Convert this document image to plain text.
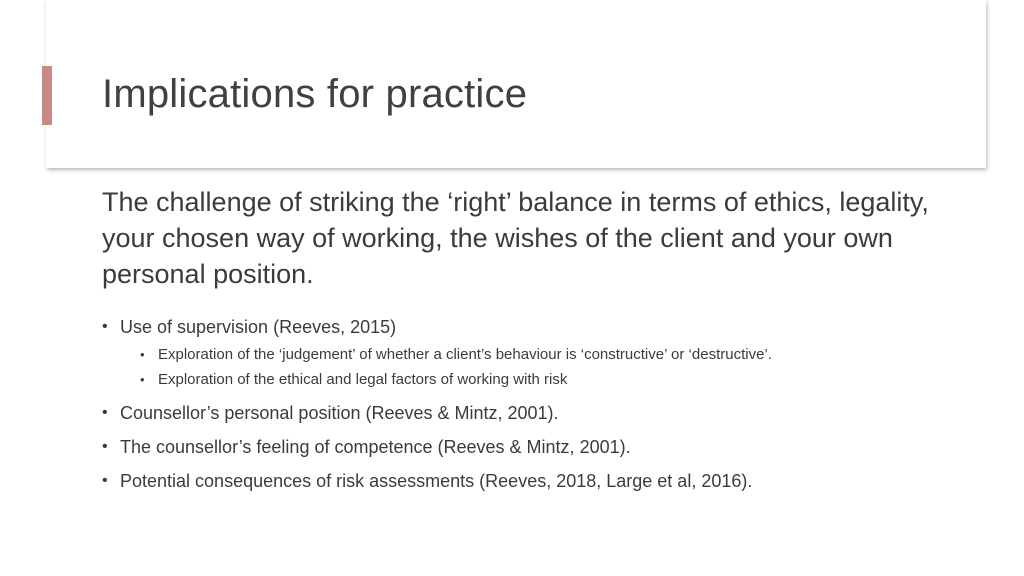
Implications for practice

The challenge of striking the ‘right’ balance in terms of ethics, legality, your chosen way of working, the wishes of the client and your own personal position.

• Use of supervision (Reeves, 2015)
• Exploration of the ‘judgement’ of whether a client’s behaviour is ‘constructive’ or ‘destructive’.
• Exploration of the ethical and legal factors of working with risk
• Counsellor’s personal position (Reeves & Mintz, 2001).
• The counsellor’s feeling of competence (Reeves & Mintz, 2001).
• Potential consequences of risk assessments (Reeves, 2018, Large et al, 2016).
